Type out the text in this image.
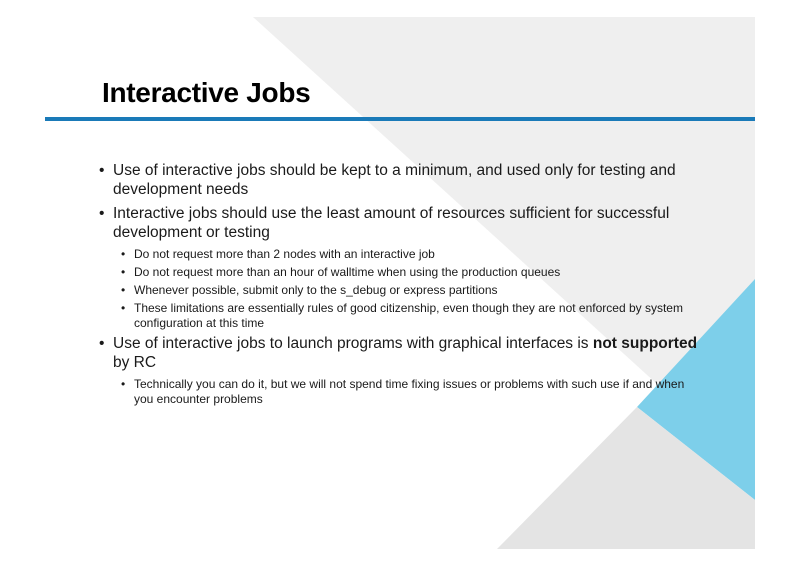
Interactive Jobs
• Use of interactive jobs should be kept to a minimum, and used only for testing and development needs
• Interactive jobs should use the least amount of resources sufficient for successful development or testing
• Do not request more than 2 nodes with an interactive job
• Do not request more than an hour of walltime when using the production queues
• Whenever possible, submit only to the s_debug or express partitions
• These limitations are essentially rules of good citizenship, even though they are not enforced by system configuration at this time
• Use of interactive jobs to launch programs with graphical interfaces is not supported by RC
• Technically you can do it, but we will not spend time fixing issues or problems with such use if and when you encounter problems
